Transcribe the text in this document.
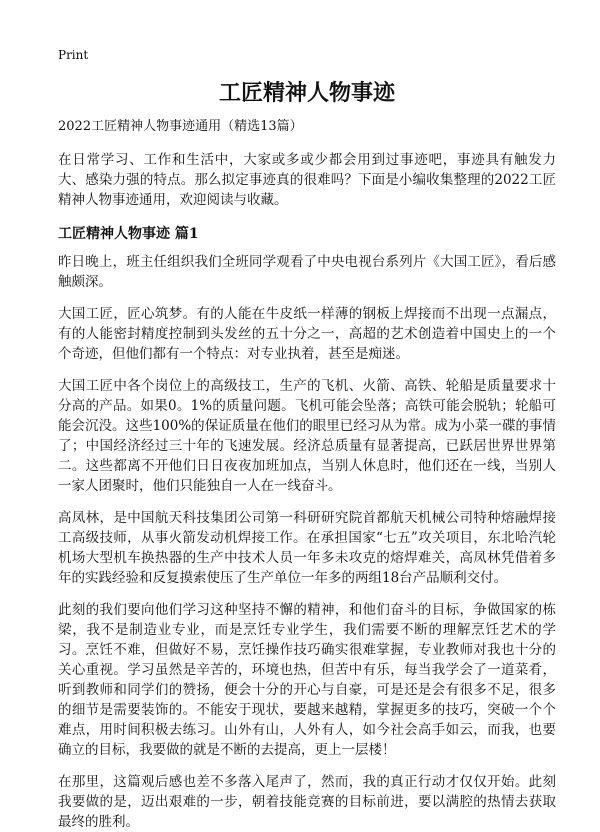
Print
工匠精神人物事迹
2022工匠精神人物事迹通用（精选13篇）

在日常学习、工作和生活中，大家或多或少都会用到过事迹吧，事迹具有触发力大、感染力强的特点。那么拟定事迹真的很难吗？下面是小编收集整理的2022工匠精神人物事迹通用，欢迎阅读与收藏。

工匠精神人物事迹 篇1

昨日晚上，班主任组织我们全班同学观看了中央电视台系列片《大国工匠》，看后感触颇深。

大国工匠，匠心筑梦。有的人能在牛皮纸一样薄的钢板上焊接而不出现一点漏点，有的人能密封精度控制到头发丝的五十分之一，高超的艺术创造着中国史上的一个个奇迹，但他们都有一个特点：对专业执着，甚至是痴迷。

大国工匠中各个岗位上的高级技工，生产的飞机、火箭、高铁、轮船是质量要求十分高的产品。如果0。1%的质量问题。飞机可能会坠落；高铁可能会脱轨；轮船可能会沉没。这些100%的保证质量在他们的眼里已经习从为常。成为小菜一碟的事情了；中国经济经过三十年的飞速发展。经济总质量有显著提高，已跃居世界世界第二。这些都离不开他们日日夜夜加班加点，当别人休息时，他们还在一线，当别人一家人团聚时，他们只能独自一人在一线奋斗。

高凤林，是中国航天科技集团公司第一科研研究院首都航天机械公司特种熔融焊接工高级技师，从事火箭发动机焊接工作。在承担国家“七五”攻关项目，东北哈汽轮机场大型机车换热器的生产中技术人员一年多未攻克的熔焊难关，高凤林凭借着多年的实践经验和反复摸索使压了生产单位一年多的两组18台产品顺利交付。

此刻的我们要向他们学习这种坚持不懈的精神，和他们奋斗的目标，争做国家的栋梁，我不是制造业专业，而是烹饪专业学生，我们需要不断的理解烹饪艺术的学习。烹饪不难，但做好不易，烹饪操作技巧确实很难掌握，专业教师对我也十分的关心重视。学习虽然是辛苦的，环境也热，但苦中有乐，每当我学会了一道菜肴，听到教师和同学们的赞扬，便会十分的开心与自豪，可是还是会有很多不足，很多的细节是需要装饰的。不能安于现状，要越来越精，掌握更多的技巧，突破一个个难点，用时间积极去练习。山外有山，人外有人，如今社会高手如云，而我，也要确立的目标，我要做的就是不断的去提高，更上一层楼！

在那里，这篇观后感也差不多落入尾声了，然而，我的真正行动才仅仅开始。此刻我要做的是，迈出艰难的一步，朝着技能竞赛的目标前进，要以满腔的热情去获取最终的胜利。
